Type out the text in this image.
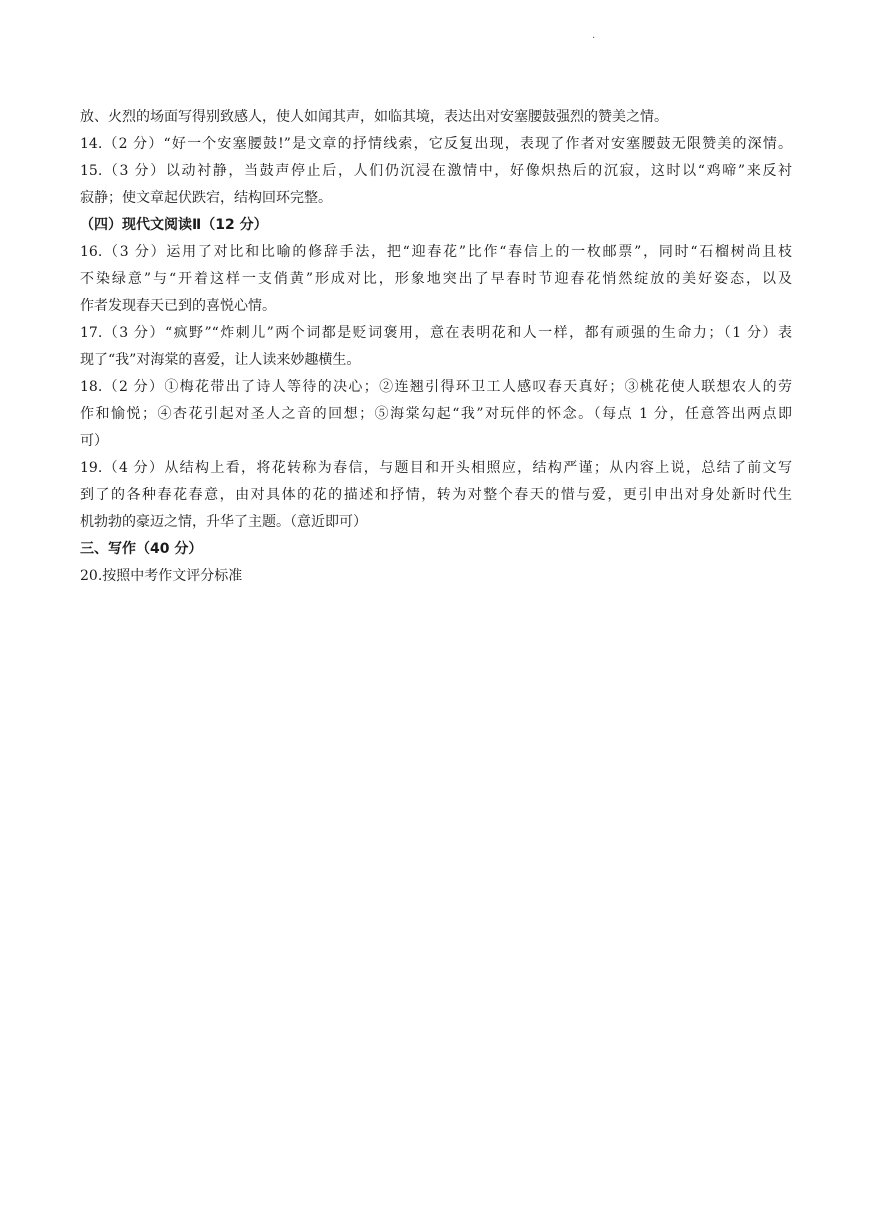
.
放、火烈的场面写得别致感人，使人如闻其声，如临其境，表达出对安塞腰鼓强烈的赞美之情。
14.（2 分）“好一个安塞腰鼓!”是文章的抒情线索，它反复出现，表现了作者对安塞腰鼓无限赞美的深情。
15.（3 分）以动衬静，当鼓声停止后，人们仍沉浸在激情中，好像炽热后的沉寂，这时以“鸡啼”来反衬
寂静；使文章起伏跌宕，结构回环完整。
（四）现代文阅读Ⅱ（12 分）
16.（3 分）运用了对比和比喻的修辞手法，把“迎春花”比作“春信上的一枚邮票”，同时“石榴树尚且枝
不染绿意”与“开着这样一支俏黄”形成对比，形象地突出了早春时节迎春花悄然绽放的美好姿态，以及
作者发现春天已到的喜悦心情。
17.（3 分）“疯野”“炸刺儿”两个词都是贬词褒用，意在表明花和人一样，都有顽强的生命力；（1 分）表
现了“我”对海棠的喜爱，让人读来妙趣横生。
18.（2 分）①梅花带出了诗人等待的决心；②连翘引得环卫工人感叹春天真好；③桃花使人联想农人的劳
作和愉悦；④杏花引起对圣人之音的回想；⑤海棠勾起“我”对玩伴的怀念。（每点 1 分，任意答出两点即
可）
19.（4 分）从结构上看，将花转称为春信，与题目和开头相照应，结构严谨；从内容上说，总结了前文写
到了的各种春花春意，由对具体的花的描述和抒情，转为对整个春天的惜与爱，更引申出对身处新时代生
机勃勃的豪迈之情，升华了主题。（意近即可）
三、写作（40 分）
20.按照中考作文评分标准
